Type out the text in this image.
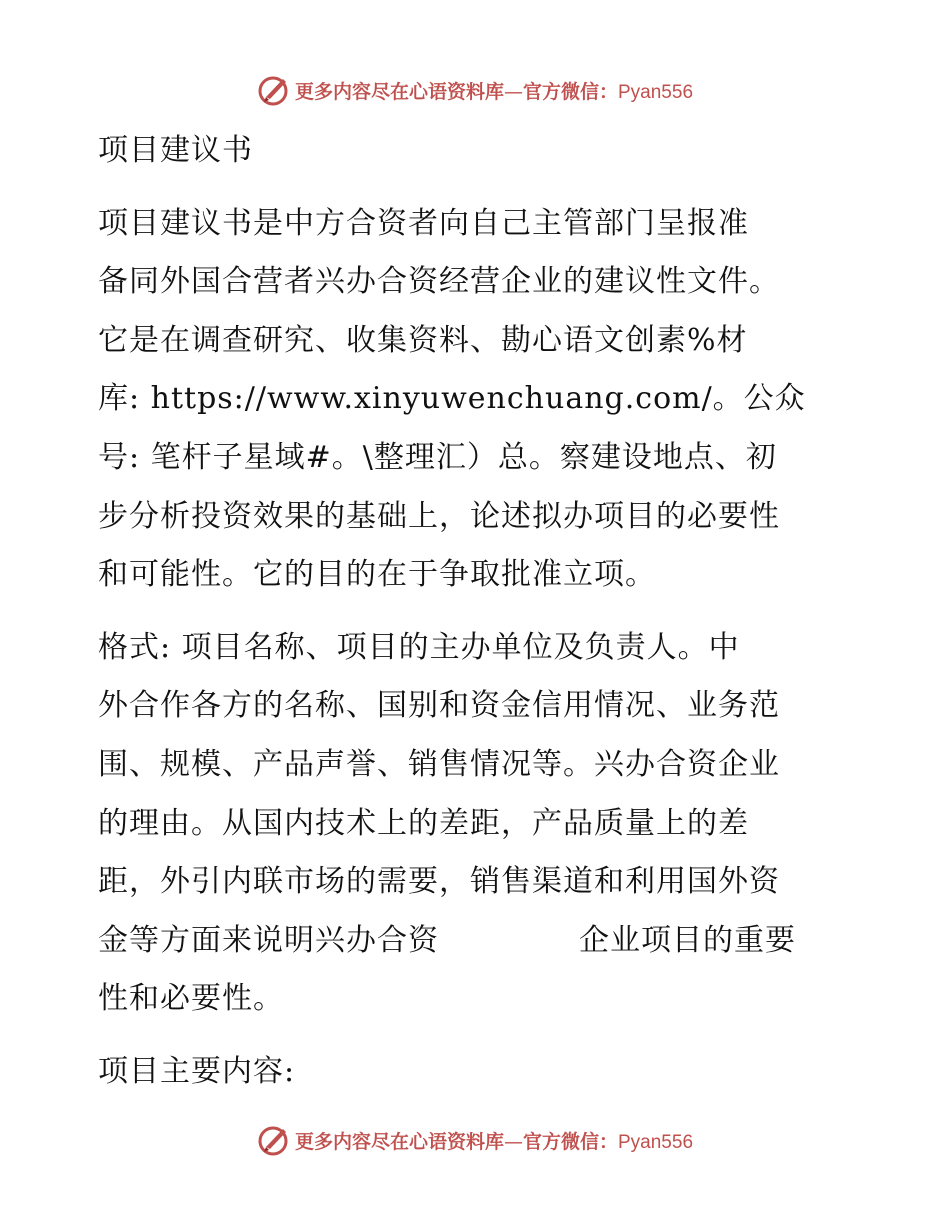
更多内容尽在心语资料库—官方微信：Pyan556

项目建议书

项目建议书是中方合资者向自己主管部门呈报准
备同外国合营者兴办合资经营企业的建议性文件。
它是在调查研究、收集资料、勘心语文创素%材
库: https://www.xinyuwenchuang.com/。公众
号: 笔杆子星域#。\整理汇）总。察建设地点、初
步分析投资效果的基础上，论述拟办项目的必要性
和可能性。它的目的在于争取批准立项。

格式: 项目名称、项目的主办单位及负责人。中
外合作各方的名称、国别和资金信用情况、业务范
围、规模、产品声誉、销售情况等。兴办合资企业
的理由。从国内技术上的差距，产品质量上的差
距，外引内联市场的需要，销售渠道和利用国外资
金等方面来说明兴办合资	企业项目的重要
性和必要性。

项目主要内容:

更多内容尽在心语资料库—官方微信：Pyan556
